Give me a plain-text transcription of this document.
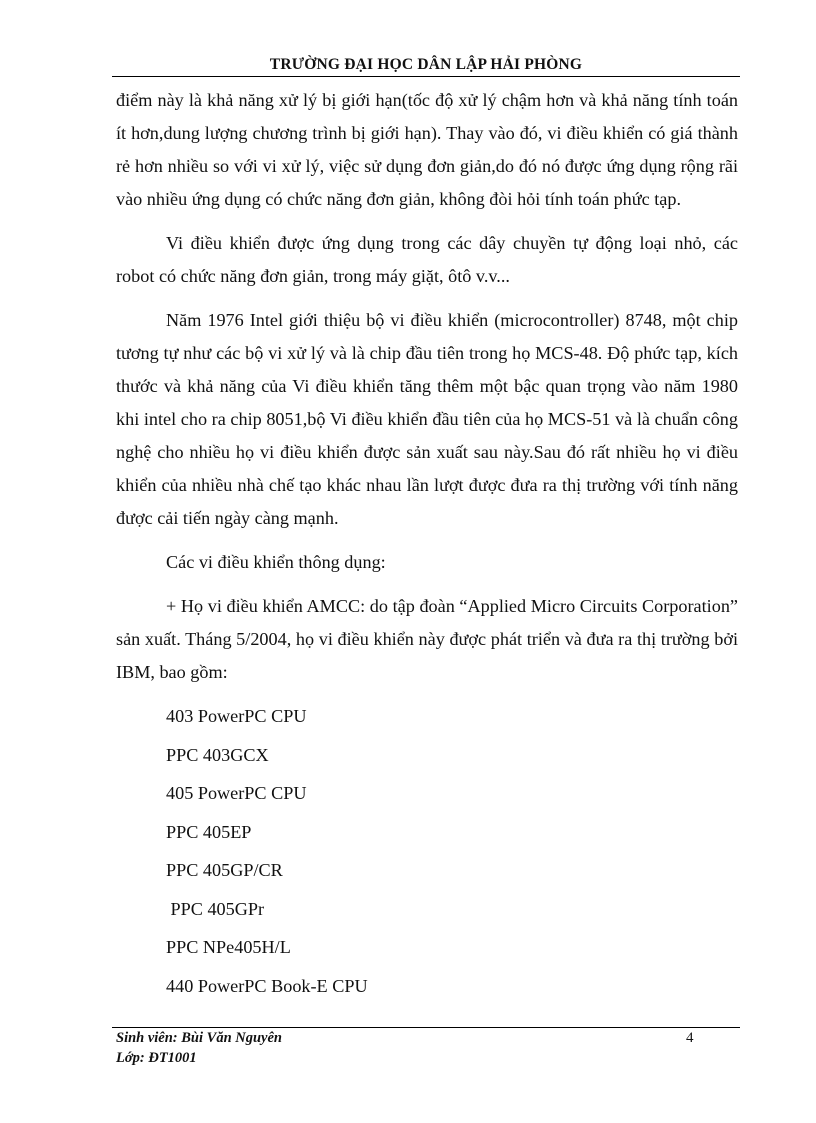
TRƯỜNG ĐẠI HỌC DÂN LẬP HẢI PHÒNG

điểm này là khả năng xử lý bị giới hạn(tốc độ xử lý chậm hơn và khả năng tính toán ít hơn,dung lượng chương trình bị giới hạn). Thay vào đó, vi điều khiển có giá thành rẻ hơn nhiều so với vi xử lý, việc sử dụng đơn giản,do đó nó được ứng dụng rộng rãi vào nhiều ứng dụng có chức năng đơn giản, không đòi hỏi tính toán phức tạp.

Vi điều khiển được ứng dụng trong các dây chuyền tự động loại nhỏ, các robot có chức năng đơn giản, trong máy giặt, ôtô v.v...

Năm 1976 Intel giới thiệu bộ vi điều khiển (microcontroller) 8748, một chip tương tự như các bộ vi xử lý và là chip đầu tiên trong họ MCS-48. Độ phức tạp, kích thước và khả năng của Vi điều khiển tăng thêm một bậc quan trọng vào năm 1980 khi intel cho ra chip 8051,bộ Vi điều khiển đầu tiên của họ MCS-51 và là chuẩn công nghệ cho nhiều họ vi điều khiển được sản xuất sau này.Sau đó rất nhiều họ vi điều khiển của nhiều nhà chế tạo khác nhau lần lượt được đưa ra thị trường với tính năng được cải tiến ngày càng mạnh.

Các vi điều khiển thông dụng:

+ Họ vi điều khiển AMCC: do tập đoàn “Applied Micro Circuits Corporation” sản xuất. Tháng 5/2004, họ vi điều khiển này được phát triển và đưa ra thị trường bởi IBM, bao gồm:

403 PowerPC CPU
PPC 403GCX
405 PowerPC CPU
PPC 405EP
PPC 405GP/CR
PPC 405GPr
PPC NPe405H/L
440 PowerPC Book-E CPU
Sinh viên: Bùi Văn Nguyên
Lớp: ĐT1001
4
